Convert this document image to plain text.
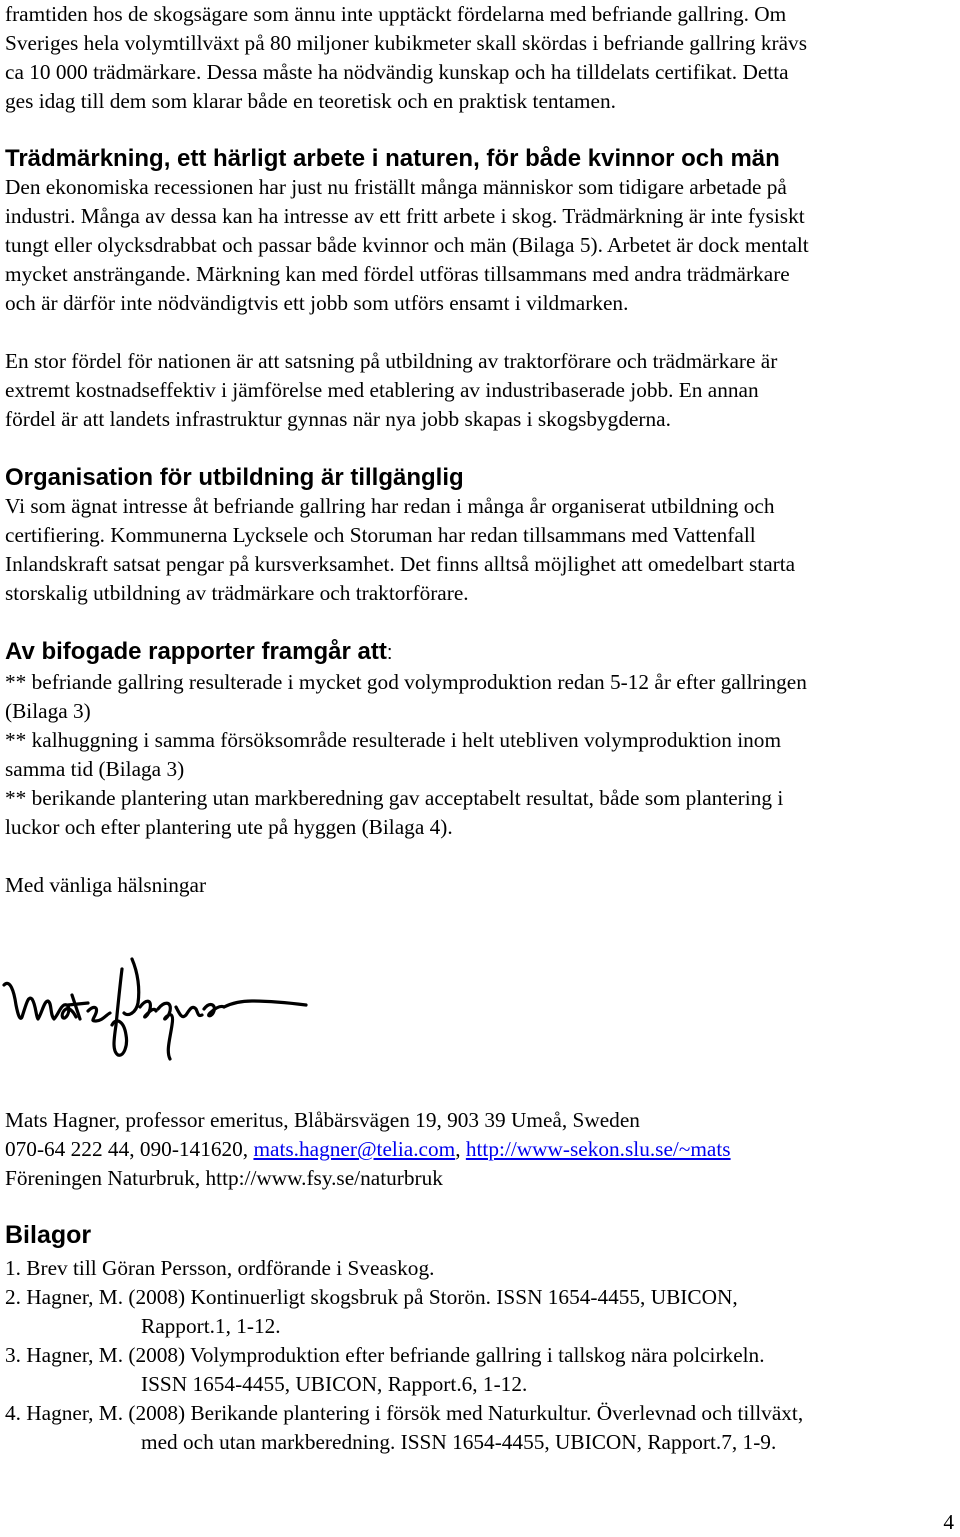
framtiden hos de skogsägare som ännu inte upptäckt fördelarna med befriande gallring. Om

Sveriges hela volymtillväxt på 80 miljoner kubikmeter skall skördas i befriande gallring krävs

ca 10 000 trädmärkare. Dessa måste ha nödvändig kunskap och ha tilldelats certifikat. Detta

ges idag till dem som klarar både en teoretisk och en praktisk tentamen.

Trädmärkning, ett härligt arbete i naturen, för både kvinnor och män

Den ekonomiska recessionen har just nu friställt många människor som tidigare arbetade på

industri. Många av dessa kan ha intresse av ett fritt arbete i skog. Trädmärkning är inte fysiskt

tungt eller olycksdrabbat och passar både kvinnor och män (Bilaga 5). Arbetet är dock mentalt

mycket ansträngande. Märkning kan med fördel utföras tillsammans med andra trädmärkare

och är därför inte nödvändigtvis ett jobb som utförs ensamt i vildmarken.

En stor fördel för nationen är att satsning på utbildning av traktorförare och trädmärkare är

extremt kostnadseffektiv i jämförelse med etablering av industribaserade jobb. En annan

fördel är att landets infrastruktur gynnas när nya jobb skapas i skogsbygderna.

Organisation för utbildning är tillgänglig

Vi som ägnat intresse åt befriande gallring har redan i många år organiserat utbildning och

certifiering. Kommunerna Lycksele och Storuman har redan tillsammans med Vattenfall

Inlandskraft satsat pengar på kursverksamhet. Det finns alltså möjlighet att omedelbart starta

storskalig utbildning av trädmärkare och traktorförare.

Av bifogade rapporter framgår att:

** befriande gallring resulterade i mycket god volymproduktion redan 5-12 år efter gallringen

(Bilaga 3)

** kalhuggning i samma försöksområde resulterade i helt utebliven volymproduktion inom

samma tid (Bilaga 3)

** berikande plantering utan markberedning gav acceptabelt resultat, både som plantering i

luckor och efter plantering ute på hyggen (Bilaga 4).

Med vänliga hälsningar

Mats Hagner, professor emeritus, Blåbärsvägen 19, 903 39 Umeå, Sweden

070-64 222 44, 090-141620, mats.hagner@telia.com, http://www-sekon.slu.se/~mats

Föreningen Naturbruk, http://www.fsy.se/naturbruk

Bilagor

1. Brev till Göran Persson, ordförande i Sveaskog.

2. Hagner, M. (2008) Kontinuerligt skogsbruk på Storön. ISSN 1654-4455, UBICON,

Rapport.1, 1-12.

3. Hagner, M. (2008) Volymproduktion efter befriande gallring i tallskog nära polcirkeln.

ISSN 1654-4455, UBICON, Rapport.6, 1-12.

4. Hagner, M. (2008) Berikande plantering i försök med Naturkultur. Överlevnad och tillväxt,

med och utan markberedning. ISSN 1654-4455, UBICON, Rapport.7, 1-9.

4
